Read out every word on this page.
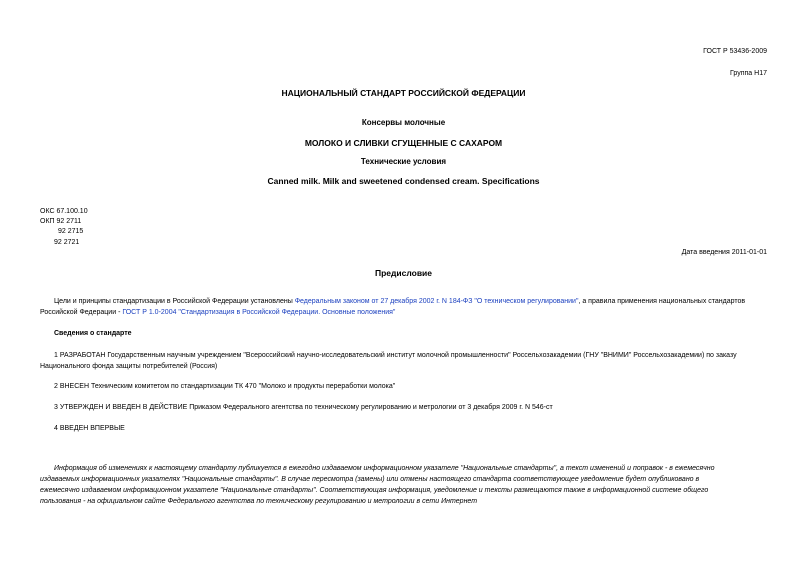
ГОСТ Р 53436-2009
Группа Н17
НАЦИОНАЛЬНЫЙ СТАНДАРТ РОССИЙСКОЙ ФЕДЕРАЦИИ
Консервы молочные
МОЛОКО И СЛИВКИ СГУЩЕННЫЕ С САХАРОМ
Технические условия
Canned milk. Milk and sweetened condensed cream. Specifications
ОКС 67.100.10
ОКП 92 2711
92 2715
92 2721
Дата введения 2011-01-01
Предисловие
Цели и принципы стандартизации в Российской Федерации установлены Федеральным законом от 27 декабря 2002 г. N 184-ФЗ "О техническом регулировании", а правила применения национальных стандартов
Российской Федерации - ГОСТ Р 1.0-2004 "Стандартизация в Российской Федерации. Основные положения"
Сведения о стандарте
1 РАЗРАБОТАН Государственным научным учреждением "Всероссийский научно-исследовательский институт молочной промышленности" Россельхозакадемии (ГНУ "ВНИМИ" Россельхозакадемии) по заказу
Национального фонда защиты потребителей (Россия)
2 ВНЕСЕН Техническим комитетом по стандартизации ТК 470 "Молоко и продукты переработки молока"
3 УТВЕРЖДЕН И ВВЕДЕН В ДЕЙСТВИЕ Приказом Федерального агентства по техническому регулированию и метрологии от 3 декабря 2009 г. N 546-ст
4 ВВЕДЕН ВПЕРВЫЕ
Информация об изменениях к настоящему стандарту публикуется в ежегодно издаваемом информационном указателе "Национальные стандарты", а текст изменений и поправок - в ежемесячно
издаваемых информационных указателях "Национальные стандарты". В случае пересмотра (замены) или отмены настоящего стандарта соответствующее уведомление будет опубликовано в
ежемесячно издаваемом информационном указателе "Национальные стандарты". Соответствующая информация, уведомление и тексты размещаются также в информационной системе общего
пользования - на официальном сайте Федерального агентства по техническому регулированию и метрологии в сети Интернет
